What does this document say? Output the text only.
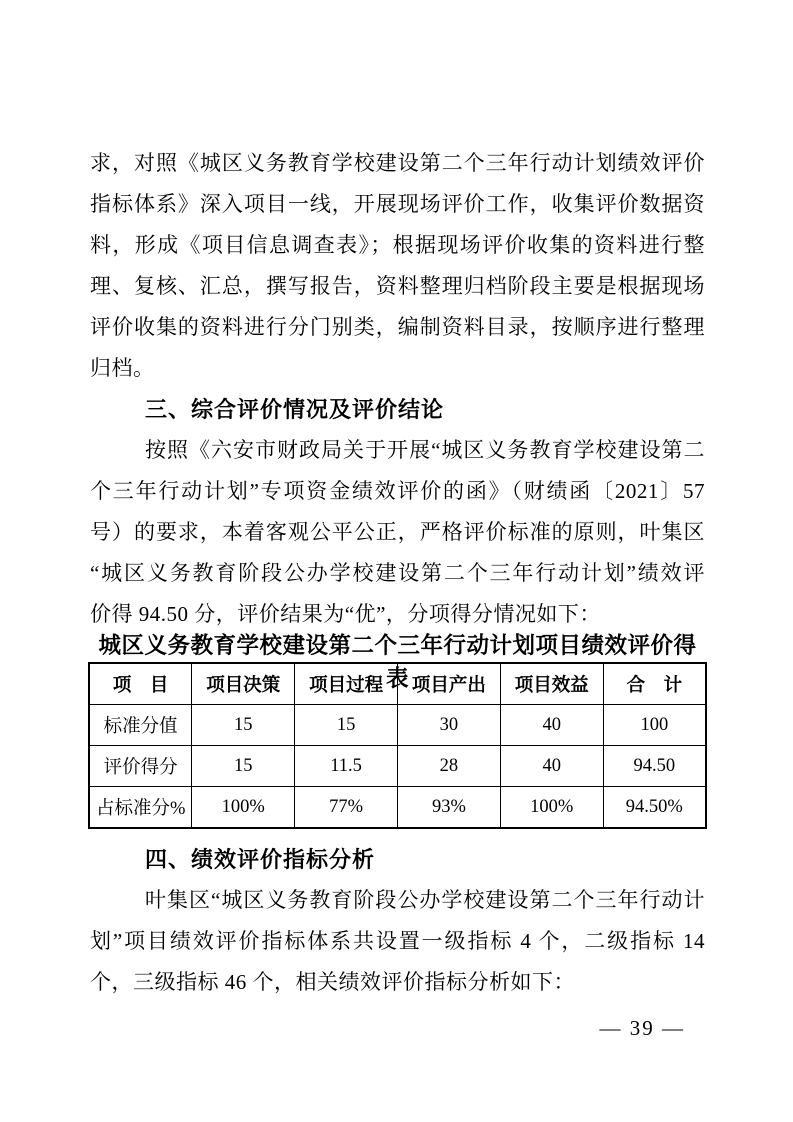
求，对照《城区义务教育学校建设第二个三年行动计划绩效评价
指标体系》深入项目一线，开展现场评价工作，收集评价数据资
料，形成《项目信息调查表》；根据现场评价收集的资料进行整
理、复核、汇总，撰写报告，资料整理归档阶段主要是根据现场
评价收集的资料进行分门别类，编制资料目录，按顺序进行整理
归档。
三、综合评价情况及评价结论
按照《六安市财政局关于开展“城区义务教育学校建设第二
个三年行动计划”专项资金绩效评价的函》（财绩函〔2021〕57
号）的要求，本着客观公平公正，严格评价标准的原则，叶集区
“城区义务教育阶段公办学校建设第二个三年行动计划”绩效评
价得 94.50 分，评价结果为“优”，分项得分情况如下：
城区义务教育学校建设第二个三年行动计划项目绩效评价得表
项　目	项目决策	项目过程	项目产出	项目效益	合　计
标准分值	15	15	30	40	100
评价得分	15	11.5	28	40	94.50
占标准分%	100%	77%	93%	100%	94.50%
四、绩效评价指标分析
叶集区“城区义务教育阶段公办学校建设第二个三年行动计
划”项目绩效评价指标体系共设置一级指标 4 个，二级指标 14
个，三级指标 46 个，相关绩效评价指标分析如下：
— 39 —
